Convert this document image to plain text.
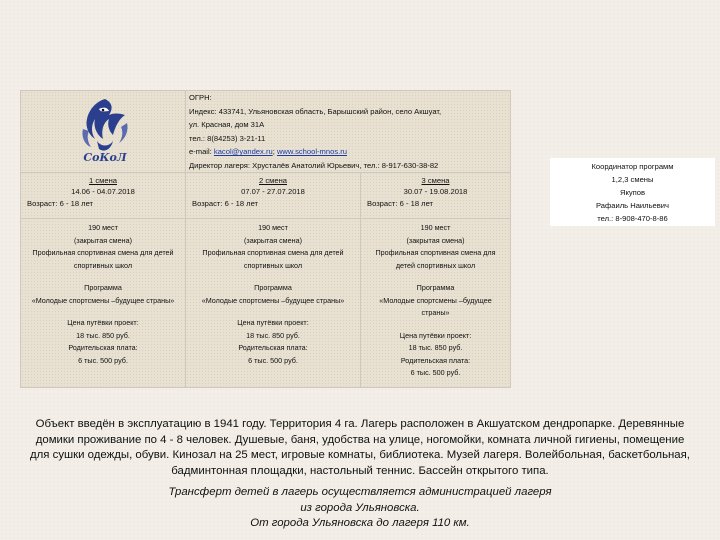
СоКоЛ
ОГРН:
Индекс: 433741, Ульяновская область, Барышский район, село Акшуат,
ул. Красная, дом 31А
тел.: 8(84253) 3-21-11
e-mail: kacol@yandex.ru; www.school-mnos.ru
Директор лагеря: Хрусталёв Анатолий Юрьевич, тел.: 8-917-630-38-82
1 смена
14.06 - 04.07.2018
Возраст: 6 - 18 лет
2 смена
07.07 - 27.07.2018
Возраст: 6 - 18 лет
3 смена
30.07 - 19.08.2018
Возраст: 6 - 18 лет
190 мест
(закрытая смена)
Профильная спортивная смена для детей спортивных школ
Программа
«Молодые спортсмены –будущее страны»
Цена путёвки проект:
18 тыс. 850 руб.
Родительская плата:
6 тыс. 500 руб.
190 мест
(закрытая смена)
Профильная спортивная смена для детей спортивных школ
Программа
«Молодые спортсмены –будущее страны»
Цена путёвки проект:
18 тыс. 850 руб.
Родительская плата:
6 тыс. 500 руб.
190 мест
(закрытая смена)
Профильная спортивная смена для детей спортивных школ
Программа
«Молодые спортсмены –будущее страны»
Цена путёвки проект:
18 тыс. 850 руб.
Родительская плата:
6 тыс. 500 руб.
Координатор программ
1,2,3 смены
Якупов
Рафаиль Наильевич
тел.: 8-908-470-8-86
Объект введён в эксплуатацию в 1941 году. Территория 4 га. Лагерь расположен в Акшуатском дендропарке. Деревянные
домики проживание по 4 - 8 человек. Душевые, баня, удобства на улице, ногомойки, комната личной гигиены, помещение
для сушки одежды, обуви. Кинозал на 25 мест, игровые комнаты, библиотека. Музей лагеря. Волейбольная, баскетбольная,
бадминтонная площадки, настольный теннис. Бассейн открытого типа.
Трансферт детей в лагерь осуществляется администрацией лагеря
из города Ульяновска.
От города Ульяновска до лагеря 110 км.
